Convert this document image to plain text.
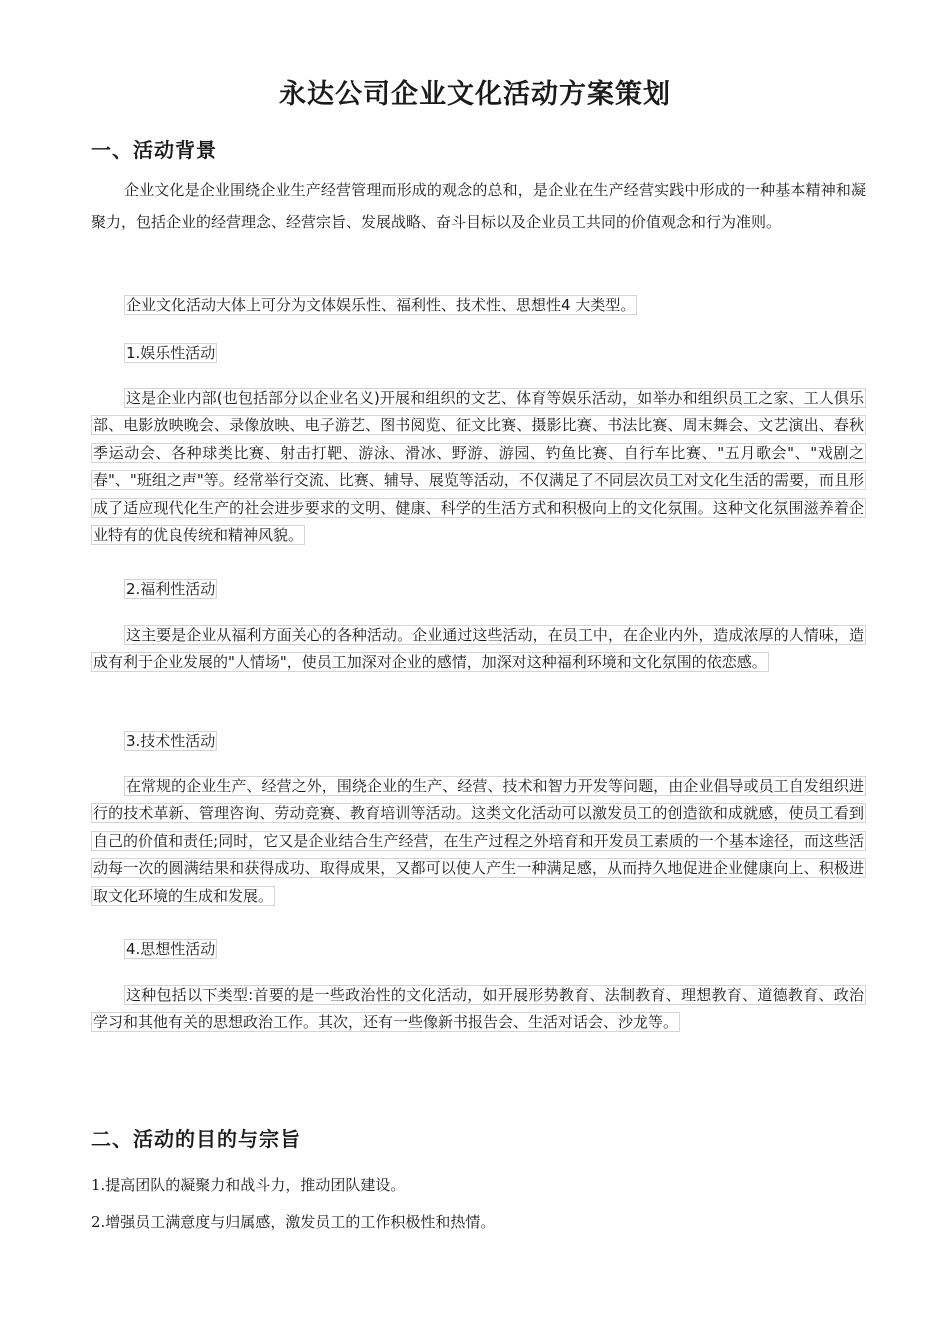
永达公司企业文化活动方案策划
一、活动背景

企业文化是企业围绕企业生产经营管理而形成的观念的总和，是企业在生产经营实践中形成的一种基本精神和凝聚力，包括企业的经营理念、经营宗旨、发展战略、奋斗目标以及企业员工共同的价值观念和行为准则。

企业文化活动大体上可分为文体娱乐性、福利性、技术性、思想性4 大类型。

1.娱乐性活动

这是企业内部(也包括部分以企业名义)开展和组织的文艺、体育等娱乐活动，如举办和组织员工之家、工人俱乐部、电影放映晚会、录像放映、电子游艺、图书阅览、征文比赛、摄影比赛、书法比赛、周末舞会、文艺演出、春秋季运动会、各种球类比赛、射击打靶、游泳、滑冰、野游、游园、钓鱼比赛、自行车比赛、"五月歌会"、"戏剧之春"、"班组之声"等。经常举行交流、比赛、辅导、展览等活动，不仅满足了不同层次员工对文化生活的需要，而且形成了适应现代化生产的社会进步要求的文明、健康、科学的生活方式和积极向上的文化氛围。这种文化氛围滋养着企业特有的优良传统和精神风貌。

2.福利性活动

这主要是企业从福利方面关心的各种活动。企业通过这些活动，在员工中，在企业内外，造成浓厚的人情味，造成有利于企业发展的"人情场"，使员工加深对企业的感情，加深对这种福利环境和文化氛围的依恋感。

3.技术性活动

在常规的企业生产、经营之外，围绕企业的生产、经营、技术和智力开发等问题，由企业倡导或员工自发组织进行的技术革新、管理咨询、劳动竞赛、教育培训等活动。这类文化活动可以激发员工的创造欲和成就感，使员工看到自己的价值和责任;同时，它又是企业结合生产经营，在生产过程之外培育和开发员工素质的一个基本途径，而这些活动每一次的圆满结果和获得成功、取得成果，又都可以使人产生一种满足感，从而持久地促进企业健康向上、积极进取文化环境的生成和发展。

4.思想性活动

这种包括以下类型:首要的是一些政治性的文化活动，如开展形势教育、法制教育、理想教育、道德教育、政治学习和其他有关的思想政治工作。其次，还有一些像新书报告会、生活对话会、沙龙等。

二、活动的目的与宗旨

1.提高团队的凝聚力和战斗力，推动团队建设。

2.增强员工满意度与归属感，激发员工的工作积极性和热情。
